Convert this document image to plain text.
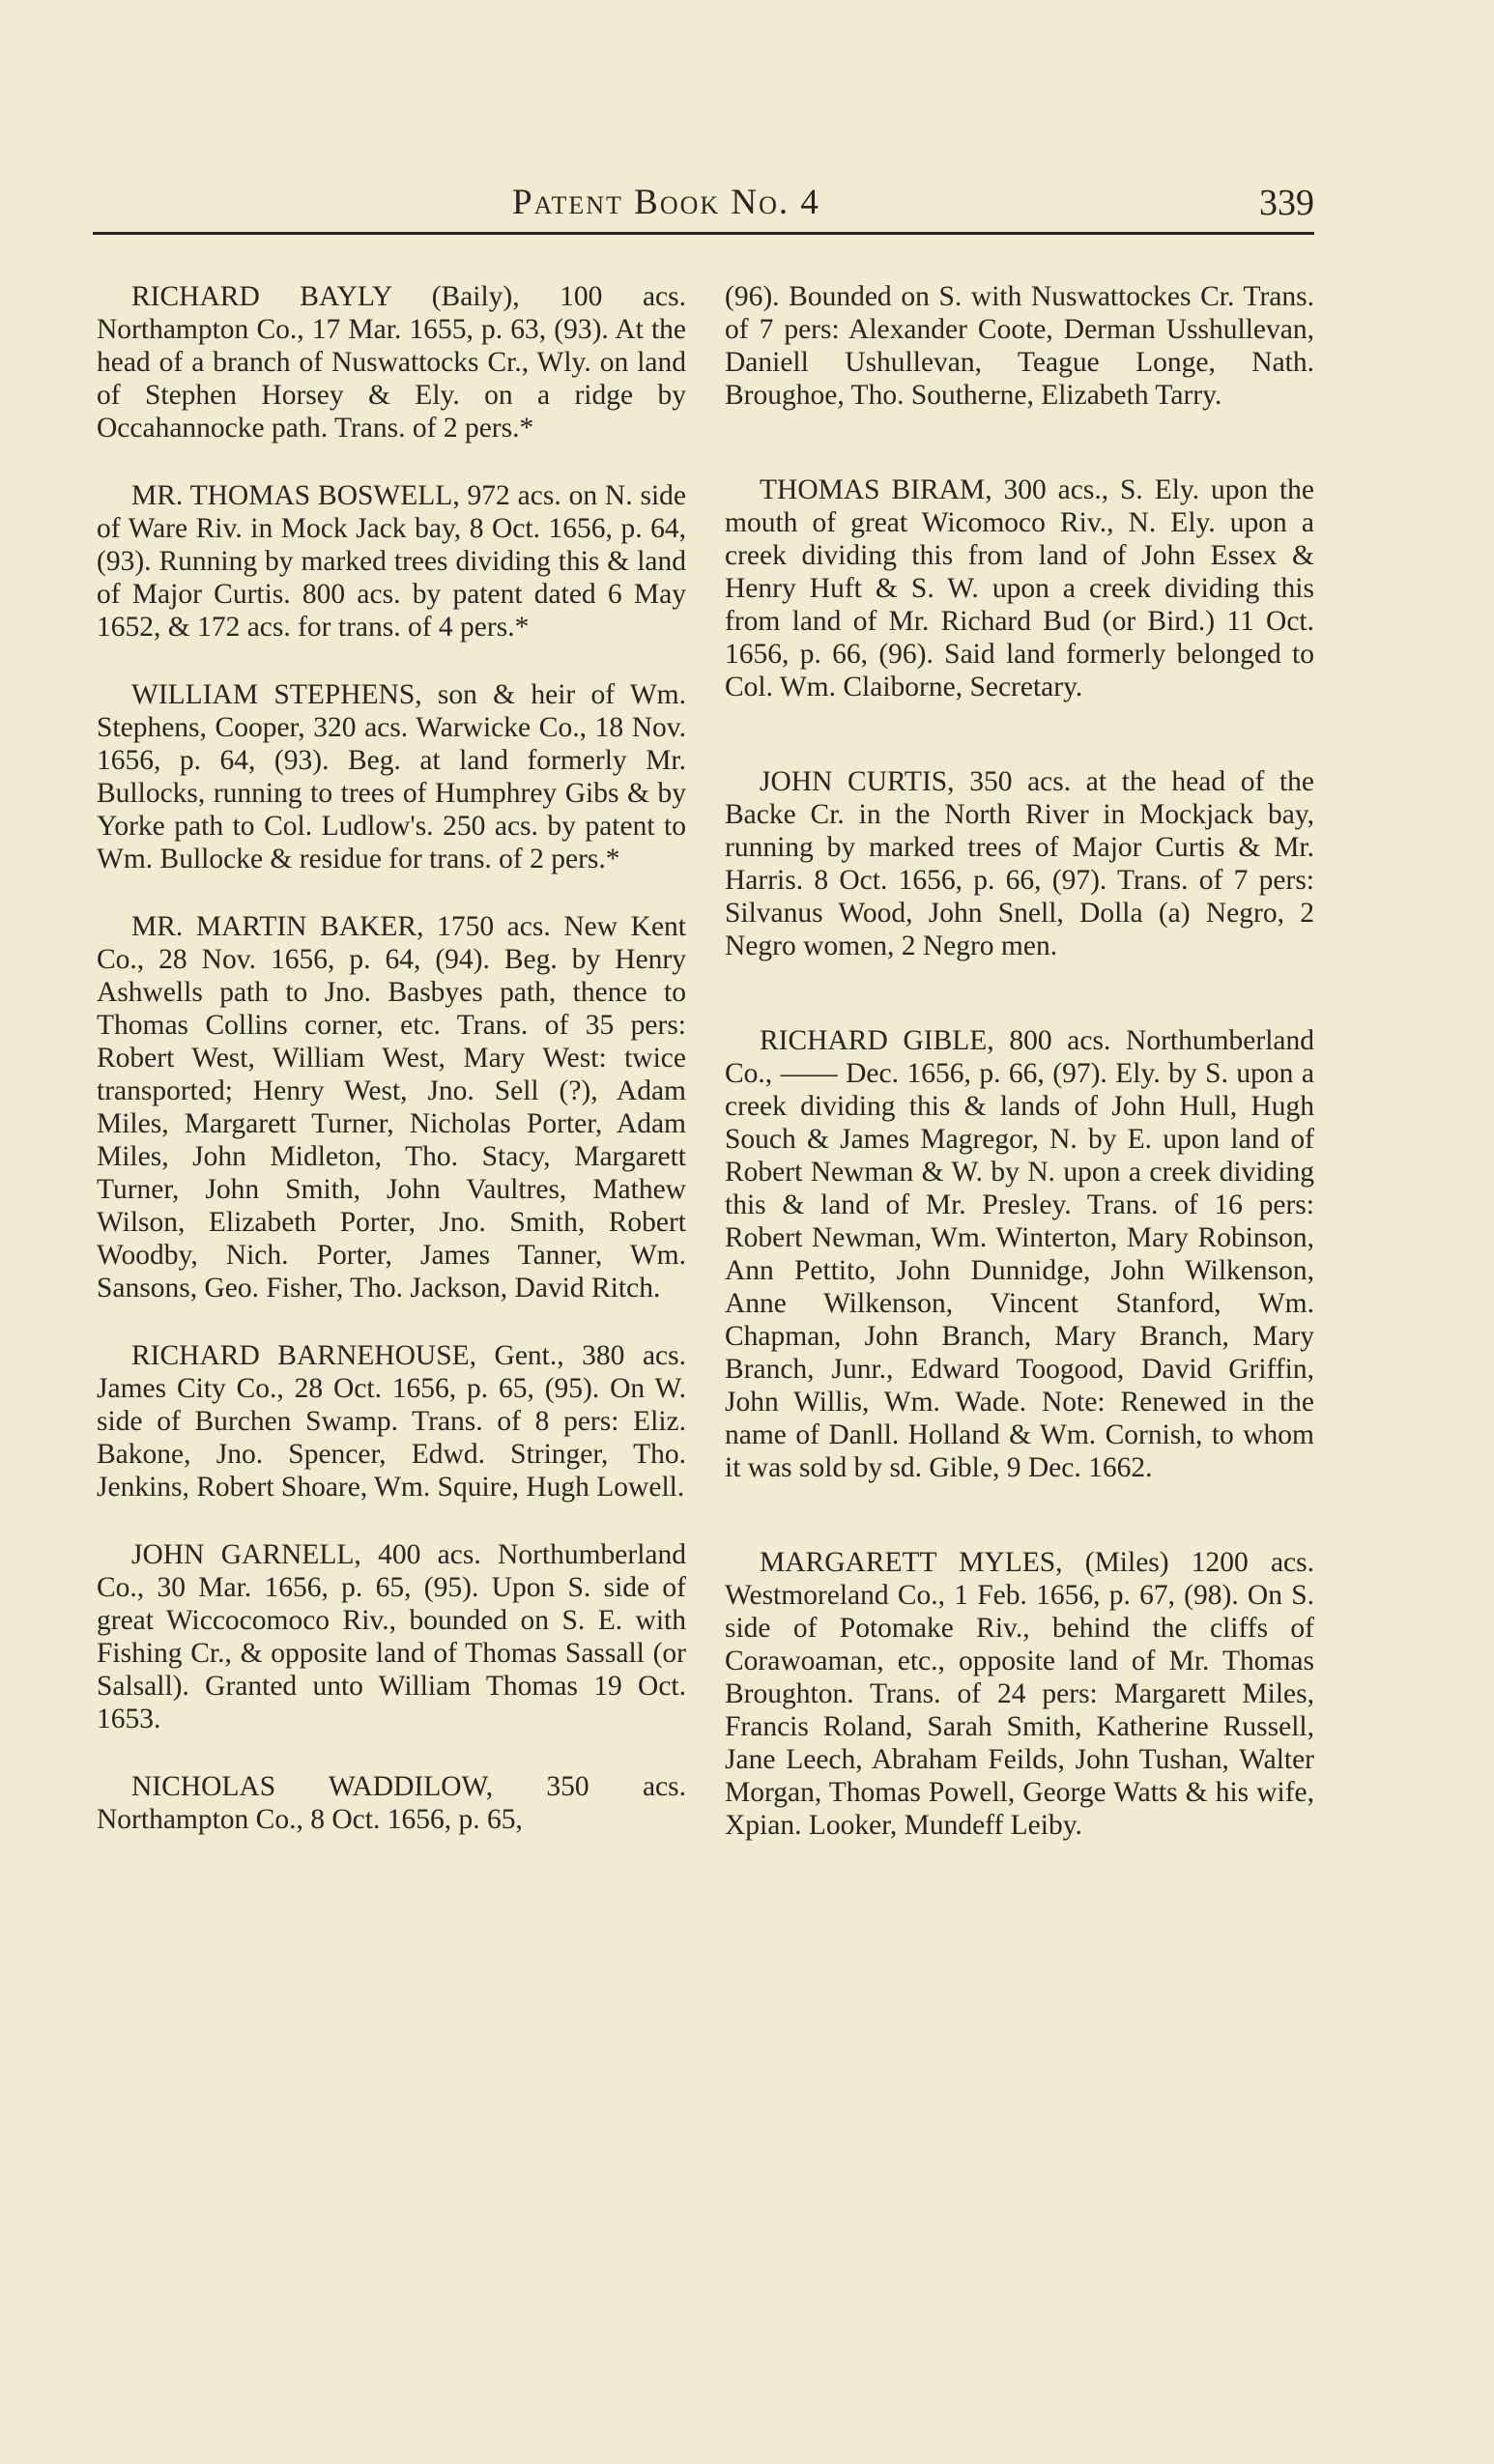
Patent Book No. 4	339

RICHARD BAYLY (Baily), 100 acs. Northampton Co., 17 Mar. 1655, p. 63, (93). At the head of a branch of Nuswattocks Cr., Wly. on land of Stephen Horsey & Ely. on a ridge by Occahannocke path. Trans. of 2 pers.*

MR. THOMAS BOSWELL, 972 acs. on N. side of Ware Riv. in Mock Jack bay, 8 Oct. 1656, p. 64, (93). Running by marked trees dividing this & land of Major Curtis. 800 acs. by patent dated 6 May 1652, & 172 acs. for trans. of 4 pers.*

WILLIAM STEPHENS, son & heir of Wm. Stephens, Cooper, 320 acs. Warwicke Co., 18 Nov. 1656, p. 64, (93). Beg. at land formerly Mr. Bullocks, running to trees of Humphrey Gibs & by Yorke path to Col. Ludlow's. 250 acs. by patent to Wm. Bullocke & residue for trans. of 2 pers.*

MR. MARTIN BAKER, 1750 acs. New Kent Co., 28 Nov. 1656, p. 64, (94). Beg. by Henry Ashwells path to Jno. Basbyes path, thence to Thomas Collins corner, etc. Trans. of 35 pers: Robert West, William West, Mary West: twice transported; Henry West, Jno. Sell (?), Adam Miles, Margarett Turner, Nicholas Porter, Adam Miles, John Midleton, Tho. Stacy, Margarett Turner, John Smith, John Vaultres, Mathew Wilson, Elizabeth Porter, Jno. Smith, Robert Woodby, Nich. Porter, James Tanner, Wm. Sansons, Geo. Fisher, Tho. Jackson, David Ritch.

RICHARD BARNEHOUSE, Gent., 380 acs. James City Co., 28 Oct. 1656, p. 65, (95). On W. side of Burchen Swamp. Trans. of 8 pers: Eliz. Bakone, Jno. Spencer, Edwd. Stringer, Tho. Jenkins, Robert Shoare, Wm. Squire, Hugh Lowell.

JOHN GARNELL, 400 acs. Northumberland Co., 30 Mar. 1656, p. 65, (95). Upon S. side of great Wiccocomoco Riv., bounded on S. E. with Fishing Cr., & opposite land of Thomas Sassall (or Salsall). Granted unto William Thomas 19 Oct. 1653.

NICHOLAS WADDILOW, 350 acs. Northampton Co., 8 Oct. 1656, p. 65,

(96). Bounded on S. with Nuswattockes Cr. Trans. of 7 pers: Alexander Coote, Derman Usshullevan, Daniell Ushullevan, Teague Longe, Nath. Broughoe, Tho. Southerne, Elizabeth Tarry.

THOMAS BIRAM, 300 acs., S. Ely. upon the mouth of great Wicomoco Riv., N. Ely. upon a creek dividing this from land of John Essex & Henry Huft & S. W. upon a creek dividing this from land of Mr. Richard Bud (or Bird.) 11 Oct. 1656, p. 66, (96). Said land formerly belonged to Col. Wm. Claiborne, Secretary.

JOHN CURTIS, 350 acs. at the head of the Backe Cr. in the North River in Mockjack bay, running by marked trees of Major Curtis & Mr. Harris. 8 Oct. 1656, p. 66, (97). Trans. of 7 pers: Silvanus Wood, John Snell, Dolla (a) Negro, 2 Negro women, 2 Negro men.

RICHARD GIBLE, 800 acs. Northumberland Co., —— Dec. 1656, p. 66, (97). Ely. by S. upon a creek dividing this & lands of John Hull, Hugh Souch & James Magregor, N. by E. upon land of Robert Newman & W. by N. upon a creek dividing this & land of Mr. Presley. Trans. of 16 pers: Robert Newman, Wm. Winterton, Mary Robinson, Ann Pettito, John Dunnidge, John Wilkenson, Anne Wilkenson, Vincent Stanford, Wm. Chapman, John Branch, Mary Branch, Mary Branch, Junr., Edward Toogood, David Griffin, John Willis, Wm. Wade. Note: Renewed in the name of Danll. Holland & Wm. Cornish, to whom it was sold by sd. Gible, 9 Dec. 1662.

MARGARETT MYLES, (Miles) 1200 acs. Westmoreland Co., 1 Feb. 1656, p. 67, (98). On S. side of Potomake Riv., behind the cliffs of Corawoaman, etc., opposite land of Mr. Thomas Broughton. Trans. of 24 pers: Margarett Miles, Francis Roland, Sarah Smith, Katherine Russell, Jane Leech, Abraham Feilds, John Tushan, Walter Morgan, Thomas Powell, George Watts & his wife, Xpian. Looker, Mundeff Leiby.
